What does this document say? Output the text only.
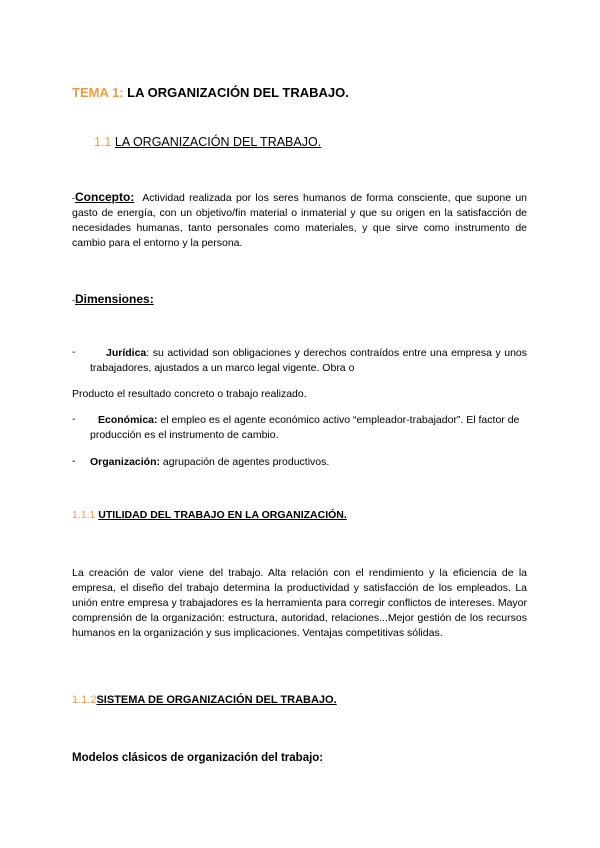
TEMA 1: LA ORGANIZACIÓN DEL TRABAJO.
1.1 LA ORGANIZACIÓN DEL TRABAJO.
-Concepto: Actividad realizada por los seres humanos de forma consciente, que supone un gasto de energía, con un objetivo/fin material o inmaterial y que su origen en la satisfacción de necesidades humanas, tanto personales como materiales, y que sirve como instrumento de cambio para el entorno y la persona.
-Dimensiones:
-	Jurídica: su actividad son obligaciones y derechos contraídos entre una empresa y unos trabajadores, ajustados a un marco legal vigente. Obra o
Producto el resultado concreto o trabajo realizado.
-	Económica: el empleo es el agente económico activo “empleador-trabajador”. El factor de producción es el instrumento de cambio.
- Organización: agrupación de agentes productivos.
1.1.1 UTILIDAD DEL TRABAJO EN LA ORGANIZACIÓN.
La creación de valor viene del trabajo. Alta relación con el rendimiento y la eficiencia de la empresa, el diseño del trabajo determina la productividad y satisfacción de los empleados. La unión entre empresa y trabajadores es la herramienta para corregir conflictos de intereses. Mayor comprensión de la organización: estructura, autoridad, relaciones...Mejor gestión de los recursos humanos en la organización y sus implicaciones. Ventajas competitivas sólidas.
1.1.2SISTEMA DE ORGANIZACIÓN DEL TRABAJO.
Modelos clásicos de organización del trabajo:
